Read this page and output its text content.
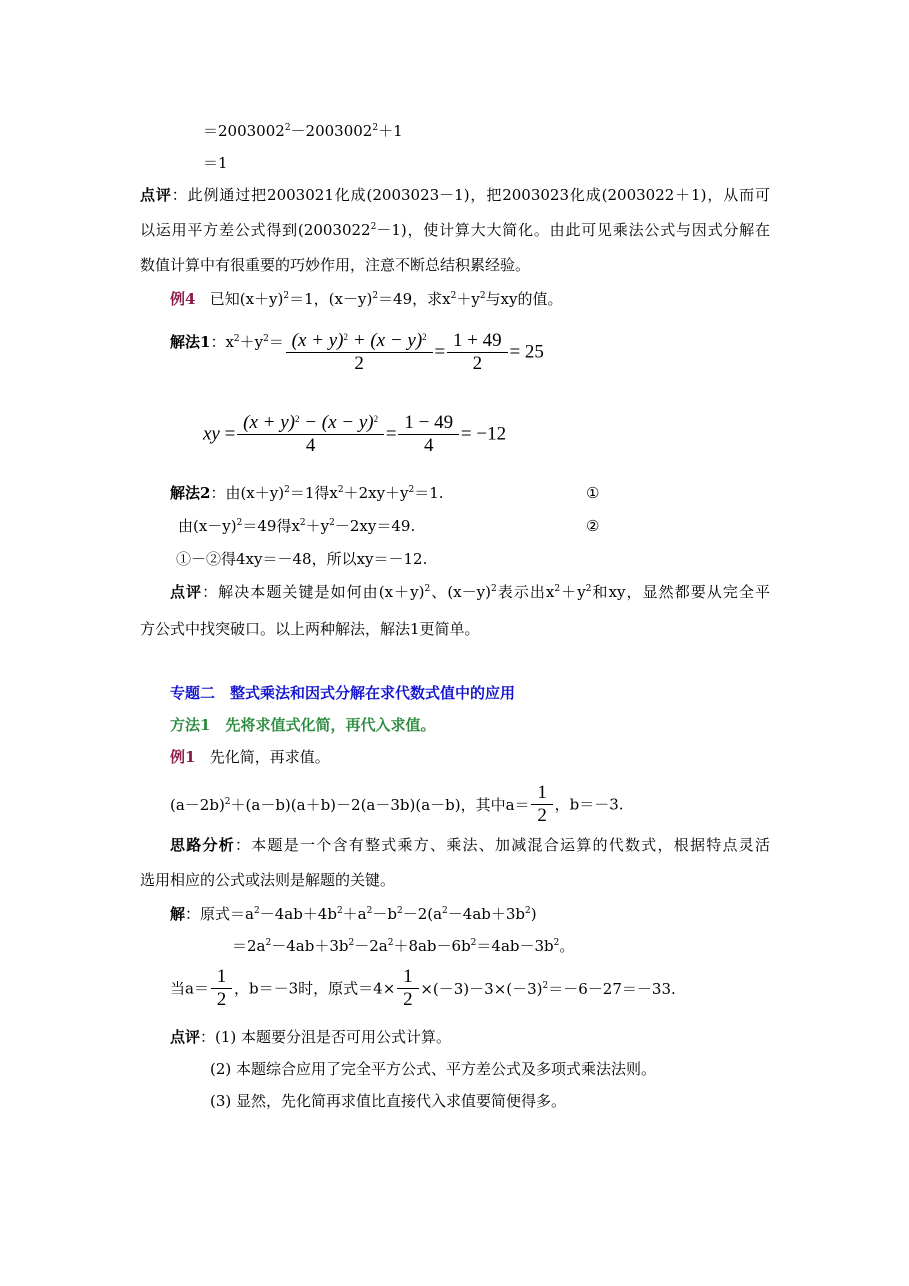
$=2003002^2-2003002^2+1$
＝1
点评：此例通过把2003021化成(2003023－1)，把2003023化成(2003022＋1)，从而可
以运用平方差公式得到$(2003022^2-1)$，使计算大大简化。由此可见乘法公式与因式分解在
数值计算中有很重要的巧妙作用，注意不断总结积累经验。
例4 已知$(x+y)^2=1$，$(x-y)^2=49$，求$x^2+y^2$与xy的值。
解法1：$x^2+y^2= \frac{(x + y)^2 + (x - y)^2}{2} = \frac{1 + 49}{2} = 25$
xy = $\frac{(x + y)^2 - (x - y)^2}{4} = \frac{1 - 49}{4} = -12$
解法2：由$(x+y)^2=1$得$x^2+2xy+y^2=1$.	①
由$(x-y)^2=49$得$x^2+y^2-2xy=49$.	②
①－②得4xy＝－48，所以xy＝－12.
点评：解决本题关键是如何由$(x+y)^2$、$(x-y)^2$表示出$x^2+y^2$和xy，显然都要从完全平
方公式中找突破口。以上两种解法，解法1更简单。
专题二　整式乘法和因式分解在求代数式值中的应用
方法1　先将求值式化简，再代入求值。
例1 先化简，再求值。
$(a-2b)^2+(a-b)(a+b)-2(a-3b)(a-b)$，其中$a= \frac{1}{2}$ ，b＝－3.
思路分析：本题是一个含有整式乘方、乘法、加减混合运算的代数式，根据特点灵活
选用相应的公式或法则是解题的关键。
解：原式$=a^2-4ab+4b^2+a^2-b^2-2(a^2-4ab+3b^2)$
$=2a^2-4ab+3b^2-2a^2+8ab-6b^2=4ab-3b^2$。
当$a= \frac{1}{2}$ ，b＝－3时，原式$=4\times \frac{1}{2} \times(-3)-3\times(-3)^2=-6-27=-33$.
点评：(1) 本题要分沮是否可用公式计算。
(2) 本题综合应用了完全平方公式、平方差公式及多项式乘法法则。
(3) 显然，先化简再求值比直接代入求值要简便得多。
